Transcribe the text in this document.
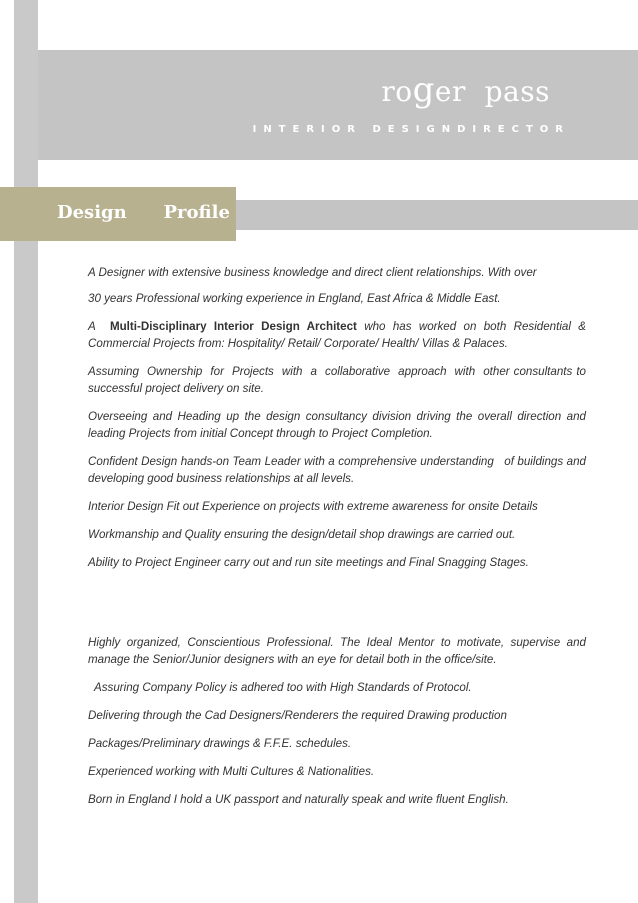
roger  pass
INTERIOR DESIGNDIRECTOR
Design   Profile

A Designer with extensive business knowledge and direct client relationships. With over

30 years Professional working experience in England, East Africa & Middle East.

A  Multi-Disciplinary Interior Design Architect who has worked on both Residential & Commercial Projects from: Hospitality/ Retail/ Corporate/ Health/ Villas & Palaces.

Assuming  Ownership  for  Projects  with  a  collaborative  approach  with  other consultants to successful project delivery on site.

Overseeing and Heading up the design consultancy division driving the overall direction and leading Projects from initial Concept through to Project Completion.

Confident Design hands-on Team Leader with a comprehensive understanding   of buildings and developing good business relationships at all levels.

Interior Design Fit out Experience on projects with extreme awareness for onsite Details

Workmanship and Quality ensuring the design/detail shop drawings are carried out.

Ability to Project Engineer carry out and run site meetings and Final Snagging Stages.

Highly organized, Conscientious Professional. The Ideal Mentor to motivate, supervise and manage the Senior/Junior designers with an eye for detail both in the office/site.

Assuring Company Policy is adhered too with High Standards of Protocol.

Delivering through the Cad Designers/Renderers the required Drawing production

Packages/Preliminary drawings & F.F.E. schedules.

Experienced working with Multi Cultures & Nationalities.

Born in England I hold a UK passport and naturally speak and write fluent English.
